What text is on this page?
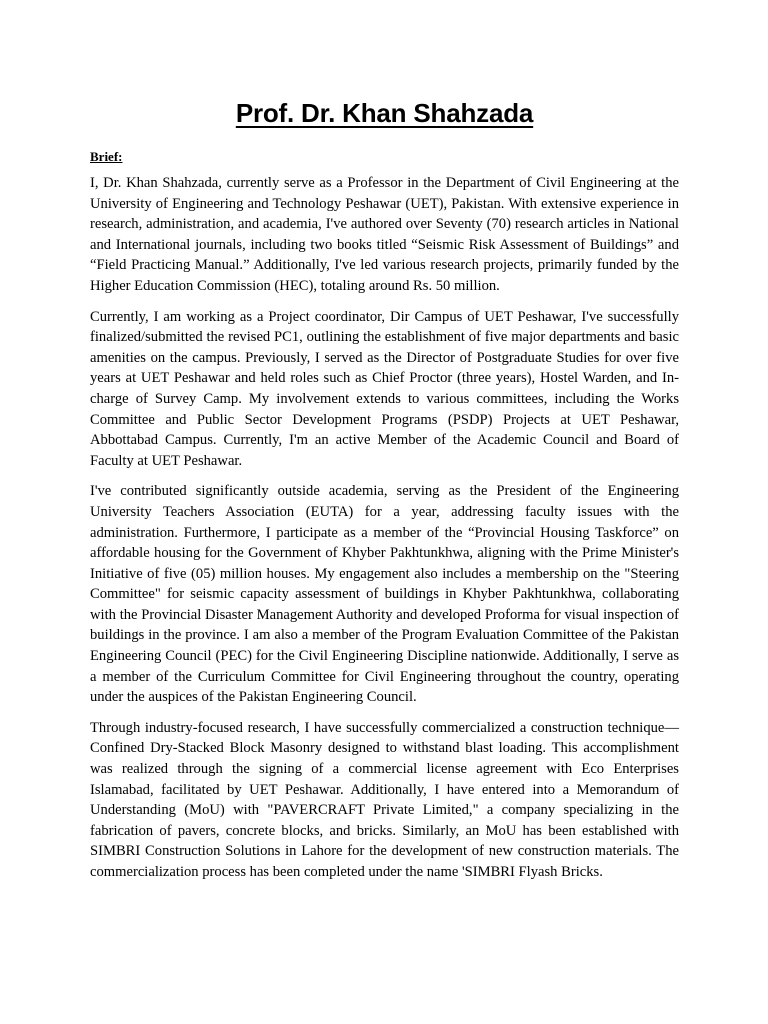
Prof. Dr. Khan Shahzada
Brief:

I, Dr. Khan Shahzada, currently serve as a Professor in the Department of Civil Engineering at the University of Engineering and Technology Peshawar (UET), Pakistan. With extensive experience in research, administration, and academia, I've authored over Seventy (70) research articles in National and International journals, including two books titled “Seismic Risk Assessment of Buildings” and “Field Practicing Manual.” Additionally, I've led various research projects, primarily funded by the Higher Education Commission (HEC), totaling around Rs. 50 million.

Currently, I am working as a Project coordinator, Dir Campus of UET Peshawar, I've successfully finalized/submitted the revised PC1, outlining the establishment of five major departments and basic amenities on the campus. Previously, I served as the Director of Postgraduate Studies for over five years at UET Peshawar and held roles such as Chief Proctor (three years), Hostel Warden, and In-charge of Survey Camp. My involvement extends to various committees, including the Works Committee and Public Sector Development Programs (PSDP) Projects at UET Peshawar, Abbottabad Campus. Currently, I'm an active Member of the Academic Council and Board of Faculty at UET Peshawar.

I've contributed significantly outside academia, serving as the President of the Engineering University Teachers Association (EUTA) for a year, addressing faculty issues with the administration. Furthermore, I participate as a member of the “Provincial Housing Taskforce” on affordable housing for the Government of Khyber Pakhtunkhwa, aligning with the Prime Minister's Initiative of five (05) million houses. My engagement also includes a membership on the "Steering Committee" for seismic capacity assessment of buildings in Khyber Pakhtunkhwa, collaborating with the Provincial Disaster Management Authority and developed Proforma for visual inspection of buildings in the province. I am also a member of the Program Evaluation Committee of the Pakistan Engineering Council (PEC) for the Civil Engineering Discipline nationwide. Additionally, I serve as a member of the Curriculum Committee for Civil Engineering throughout the country, operating under the auspices of the Pakistan Engineering Council.

Through industry-focused research, I have successfully commercialized a construction technique—Confined Dry-Stacked Block Masonry designed to withstand blast loading. This accomplishment was realized through the signing of a commercial license agreement with Eco Enterprises Islamabad, facilitated by UET Peshawar. Additionally, I have entered into a Memorandum of Understanding (MoU) with "PAVERCRAFT Private Limited," a company specializing in the fabrication of pavers, concrete blocks, and bricks. Similarly, an MoU has been established with SIMBRI Construction Solutions in Lahore for the development of new construction materials. The commercialization process has been completed under the name 'SIMBRI Flyash Bricks.
